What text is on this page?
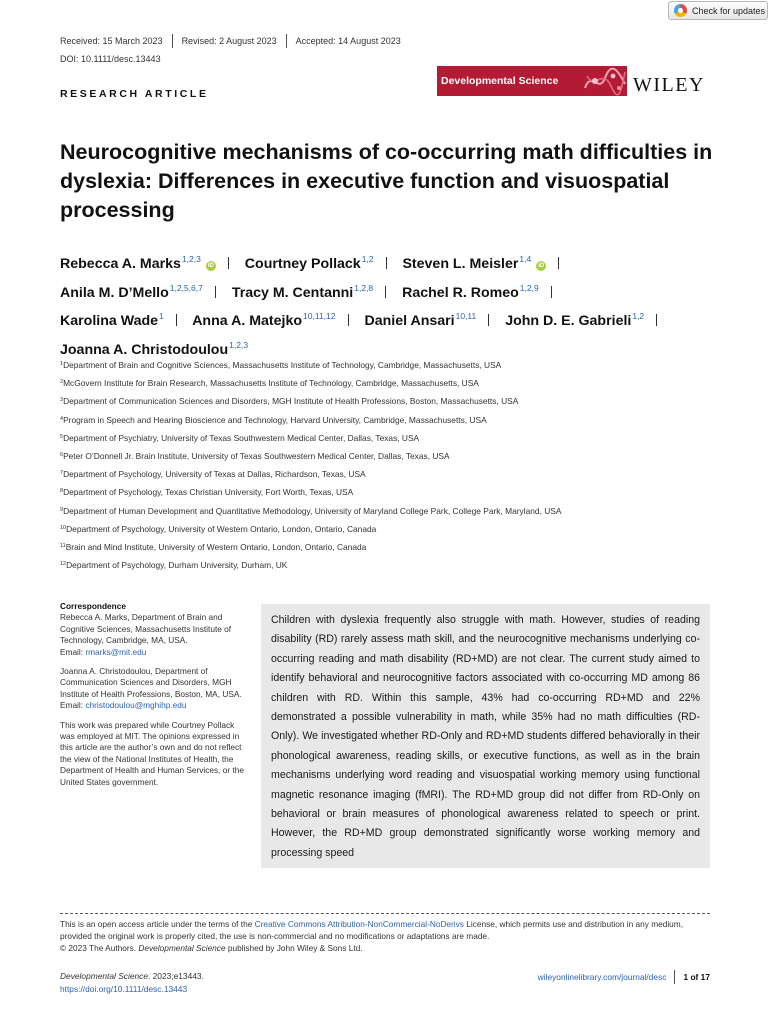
Check for updates
Received: 15 March 2023 Revised: 2 August 2023 Accepted: 14 August 2023
DOI: 10.1111/desc.13443
Developmental Science	WILEY
RESEARCH ARTICLE
Neurocognitive mechanisms of co-occurring math difficulties in dyslexia: Differences in executive function and visuospatial processing
Rebecca A. Marks$^{1,2,3}$iD Courtney Pollack$^{1,2}$ Steven L. Meisler$^{1,4}$iD
Anila M. D’Mello$^{1,2,5,6,7}$ Tracy M. Centanni$^{1,2,8}$ Rachel R. Romeo$^{1,2,9}$
Karolina Wade$^1$ Anna A. Matejko$^{10,11,12}$ Daniel Ansari$^{10,11}$ John D. E. Gabrieli$^{1,2}$
Joanna A. Christodoulou$^{1,2,3}$
$^1$Department of Brain and Cognitive Sciences, Massachusetts Institute of Technology, Cambridge, Massachusetts, USA
$^2$McGovern Institute for Brain Research, Massachusetts Institute of Technology, Cambridge, Massachusetts, USA
$^3$Department of Communication Sciences and Disorders, MGH Institute of Health Professions, Boston, Massachusetts, USA
$^4$Program in Speech and Hearing Bioscience and Technology, Harvard University, Cambridge, Massachusetts, USA
$^5$Department of Psychiatry, University of Texas Southwestern Medical Center, Dallas, Texas, USA
$^6$Peter O’Donnell Jr. Brain Institute, University of Texas Southwestern Medical Center, Dallas, Texas, USA
$^7$Department of Psychology, University of Texas at Dallas, Richardson, Texas, USA
$^8$Department of Psychology, Texas Christian University, Fort Worth, Texas, USA
$^9$Department of Human Development and Quantitative Methodology, University of Maryland College Park, College Park, Maryland, USA
$^{10}$Department of Psychology, University of Western Ontario, London, Ontario, Canada
$^{11}$Brain and Mind Institute, University of Western Ontario, London, Ontario, Canada
$^{12}$Department of Psychology, Durham University, Durham, UK
Correspondence
Rebecca A. Marks, Department of Brain and Cognitive Sciences, Massachusetts Institute of Technology, Cambridge, MA, USA.
Email: rmarks@mit.edu
Joanna A. Christodoulou, Department of Communication Sciences and Disorders, MGH Institute of Health Professions, Boston, MA, USA.
Email: christodoulou@mghihp.edu
This work was prepared while Courtney Pollack was employed at MIT. The opinions expressed in this article are the author’s own and do not reflect the view of the National Institutes of Health, the Department of Health and Human Services, or the United States government.
Children with dyslexia frequently also struggle with math. However, studies of reading disability (RD) rarely assess math skill, and the neurocognitive mechanisms underlying co-occurring reading and math disability (RD+MD) are not clear. The current study aimed to identify behavioral and neurocognitive factors associated with co-occurring MD among 86 children with RD. Within this sample, 43% had co-occurring RD+MD and 22% demonstrated a possible vulnerability in math, while 35% had no math difficulties (RD-Only). We investigated whether RD-Only and RD+MD students differed behaviorally in their phonological awareness, reading skills, or executive functions, as well as in the brain mechanisms underlying word reading and visuospatial working memory using functional magnetic resonance imaging (fMRI). The RD+MD group did not differ from RD-Only on behavioral or brain measures of phonological awareness related to speech or print. However, the RD+MD group demonstrated significantly worse working memory and processing speed
This is an open access article under the terms of the Creative Commons Attribution-NonCommercial-NoDerivs License, which permits use and distribution in any medium, provided the original work is properly cited, the use is non-commercial and no modifications or adaptations are made.
© 2023 The Authors. Developmental Science published by John Wiley & Sons Ltd.
Developmental Science. 2023;e13443.
https://doi.org/10.1111/desc.13443
wileyonlinelibrary.com/journal/desc 1 of 17
